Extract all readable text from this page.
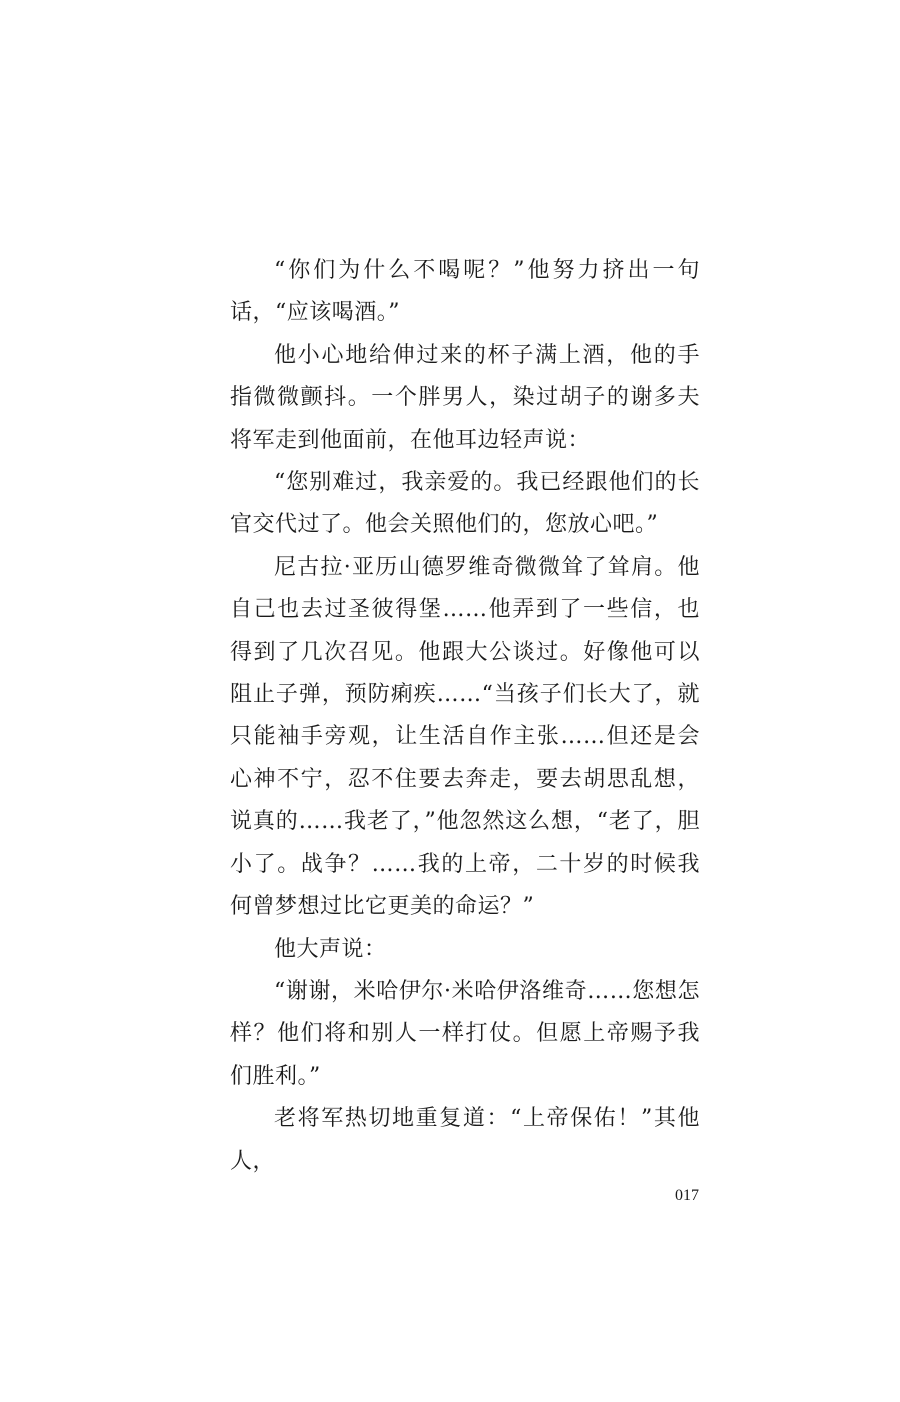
“你们为什么不喝呢？”他努力挤出一句话，“应该喝酒。”

他小心地给伸过来的杯子满上酒，他的手指微微颤抖。一个胖男人，染过胡子的谢多夫将军走到他面前，在他耳边轻声说：

“您别难过，我亲爱的。我已经跟他们的长官交代过了。他会关照他们的，您放心吧。”

尼古拉·亚历山德罗维奇微微耸了耸肩。他自己也去过圣彼得堡……他弄到了一些信，也得到了几次召见。他跟大公谈过。好像他可以阻止子弹，预防痢疾……“当孩子们长大了，就只能袖手旁观，让生活自作主张……但还是会心神不宁，忍不住要去奔走，要去胡思乱想，说真的……我老了，”他忽然这么想，“老了，胆小了。战争？……我的上帝，二十岁的时候我何曾梦想过比它更美的命运？”

他大声说：

“谢谢，米哈伊尔·米哈伊洛维奇……您想怎样？他们将和别人一样打仗。但愿上帝赐予我们胜利。”

老将军热切地重复道：“上帝保佑！”其他人，

017
